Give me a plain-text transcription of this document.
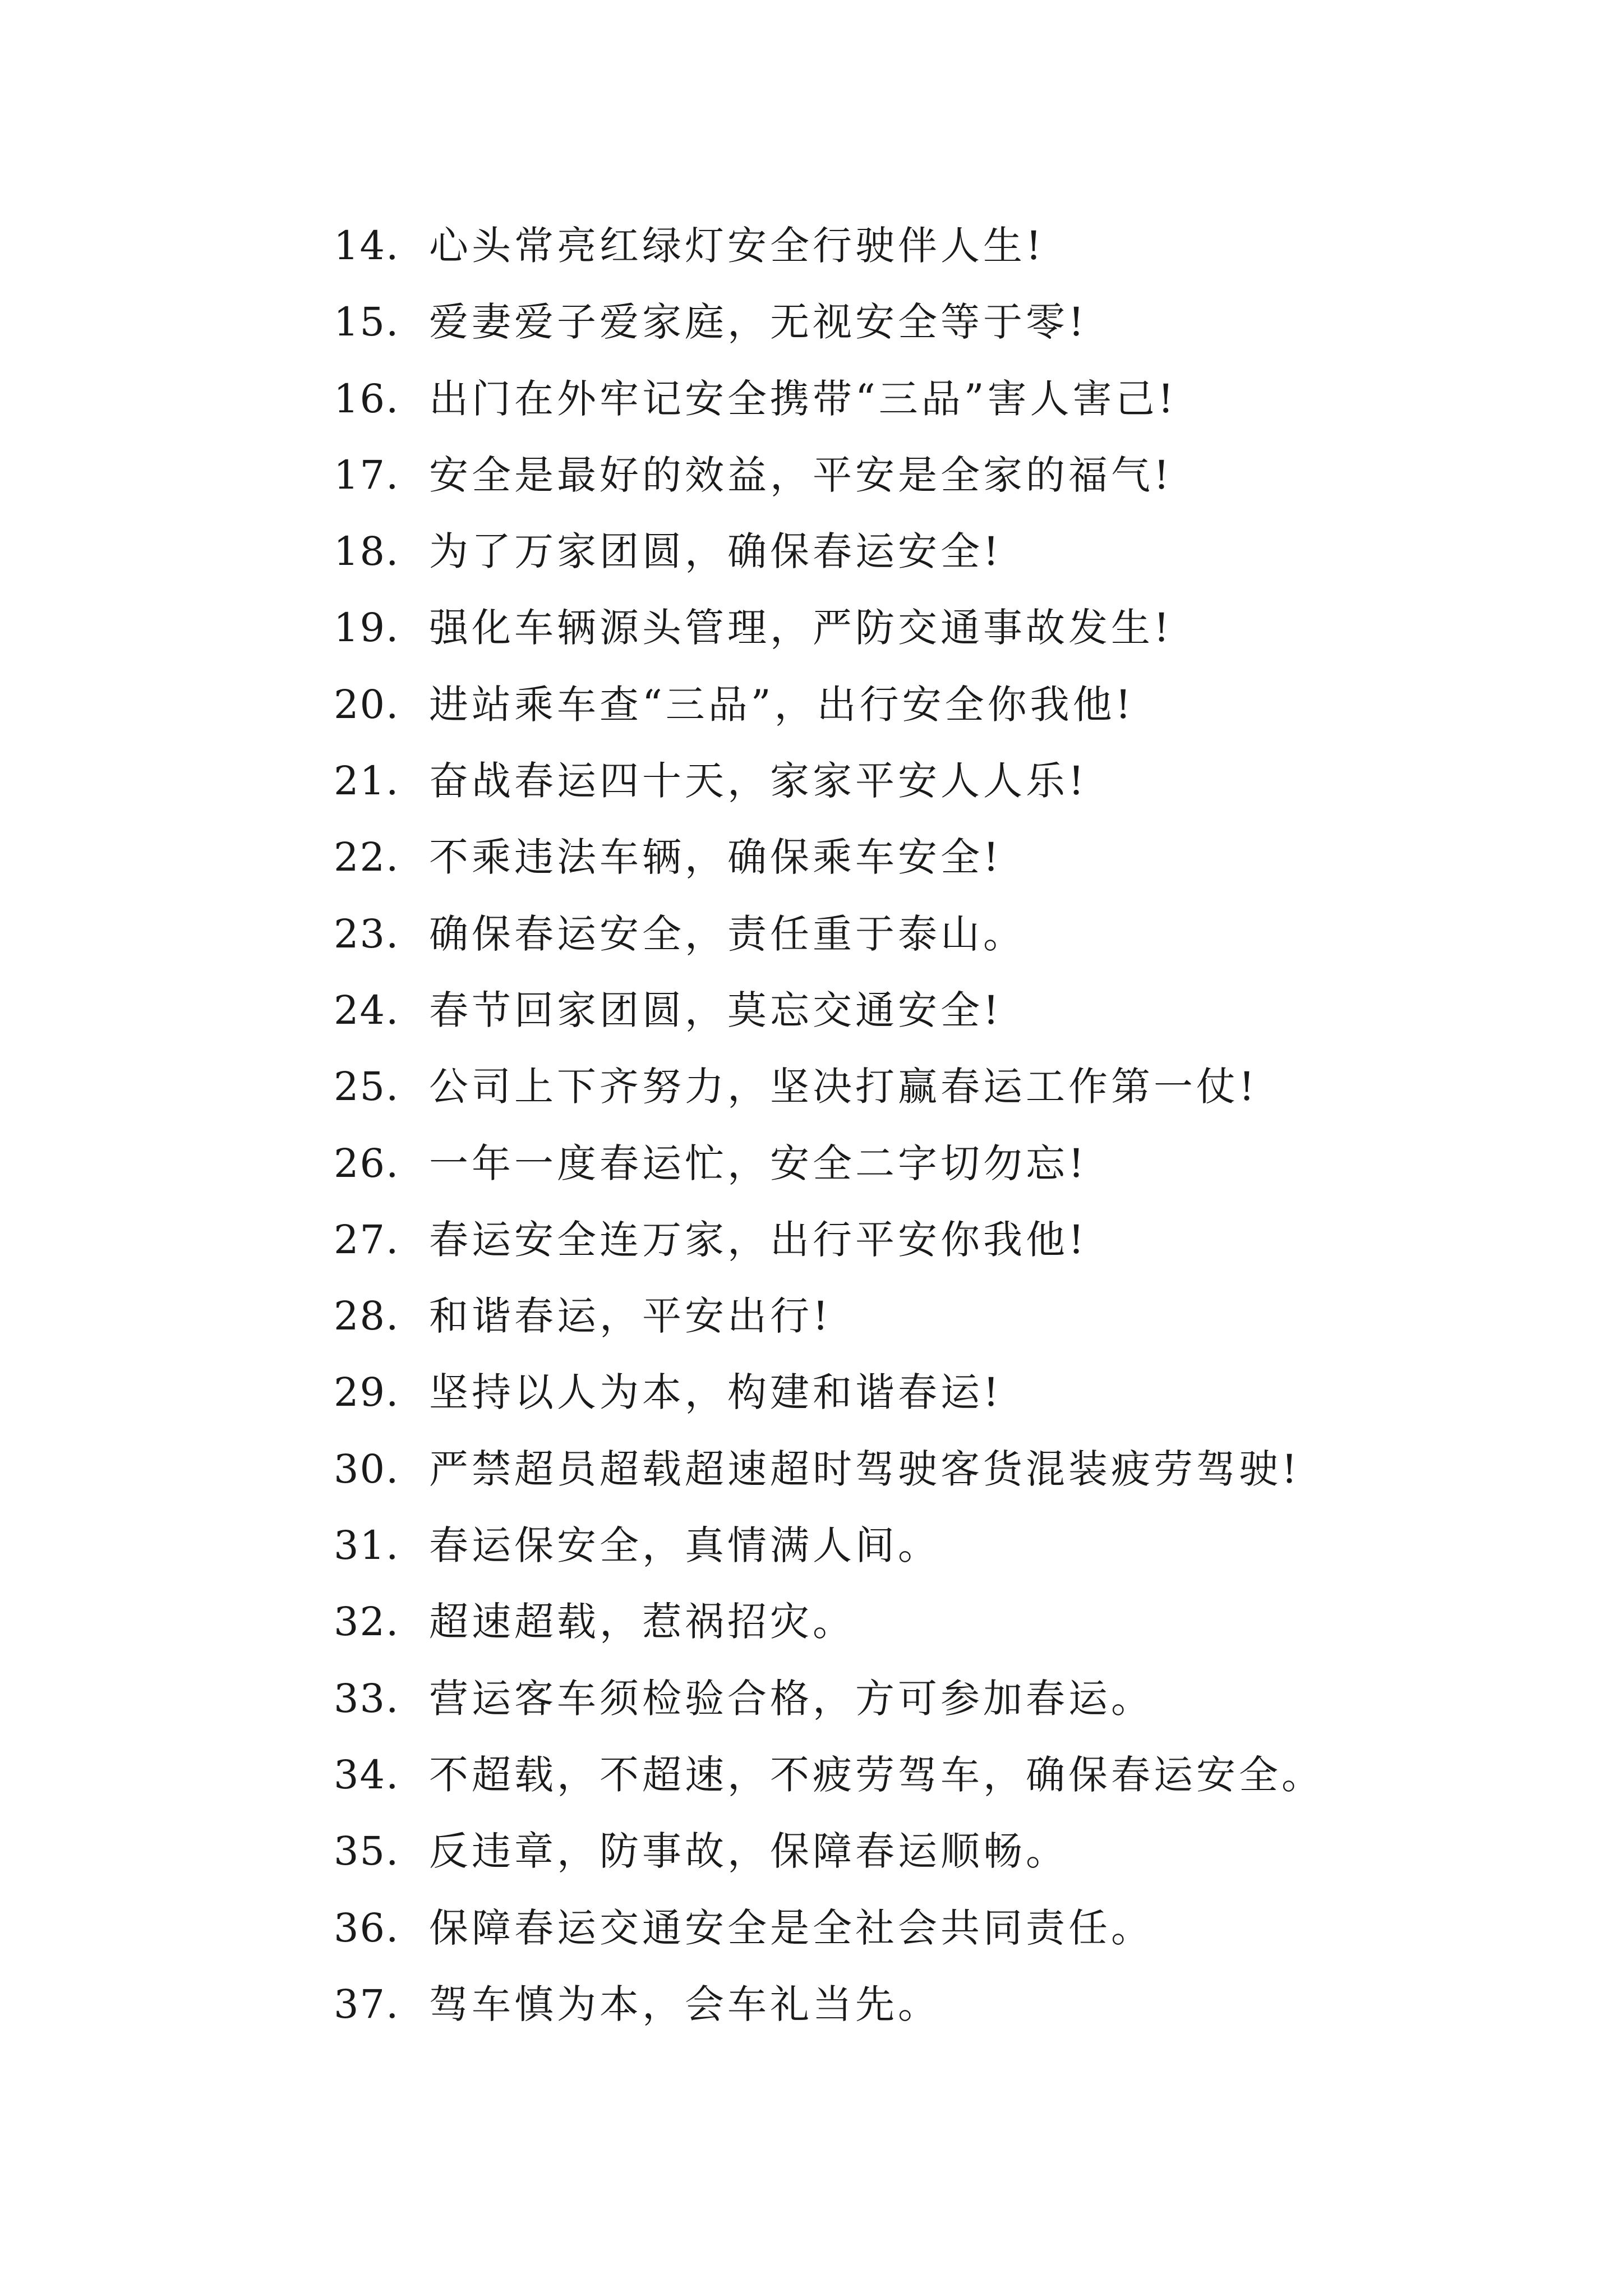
14. 心头常亮红绿灯安全行驶伴人生!
15. 爱妻爱子爱家庭，无视安全等于零!
16. 出门在外牢记安全携带“三品”害人害己!
17. 安全是最好的效益，平安是全家的福气!
18. 为了万家团圆，确保春运安全!
19. 强化车辆源头管理，严防交通事故发生!
20. 进站乘车查“三品”，出行安全你我他!
21. 奋战春运四十天，家家平安人人乐!
22. 不乘违法车辆，确保乘车安全!
23. 确保春运安全，责任重于泰山。
24. 春节回家团圆，莫忘交通安全!
25. 公司上下齐努力，坚决打赢春运工作第一仗!
26. 一年一度春运忙，安全二字切勿忘!
27. 春运安全连万家，出行平安你我他!
28. 和谐春运，平安出行!
29. 坚持以人为本，构建和谐春运!
30. 严禁超员超载超速超时驾驶客货混装疲劳驾驶!
31. 春运保安全，真情满人间。
32. 超速超载，惹祸招灾。
33. 营运客车须检验合格，方可参加春运。
34. 不超载，不超速，不疲劳驾车，确保春运安全。
35. 反违章，防事故，保障春运顺畅。
36. 保障春运交通安全是全社会共同责任。
37. 驾车慎为本，会车礼当先。
